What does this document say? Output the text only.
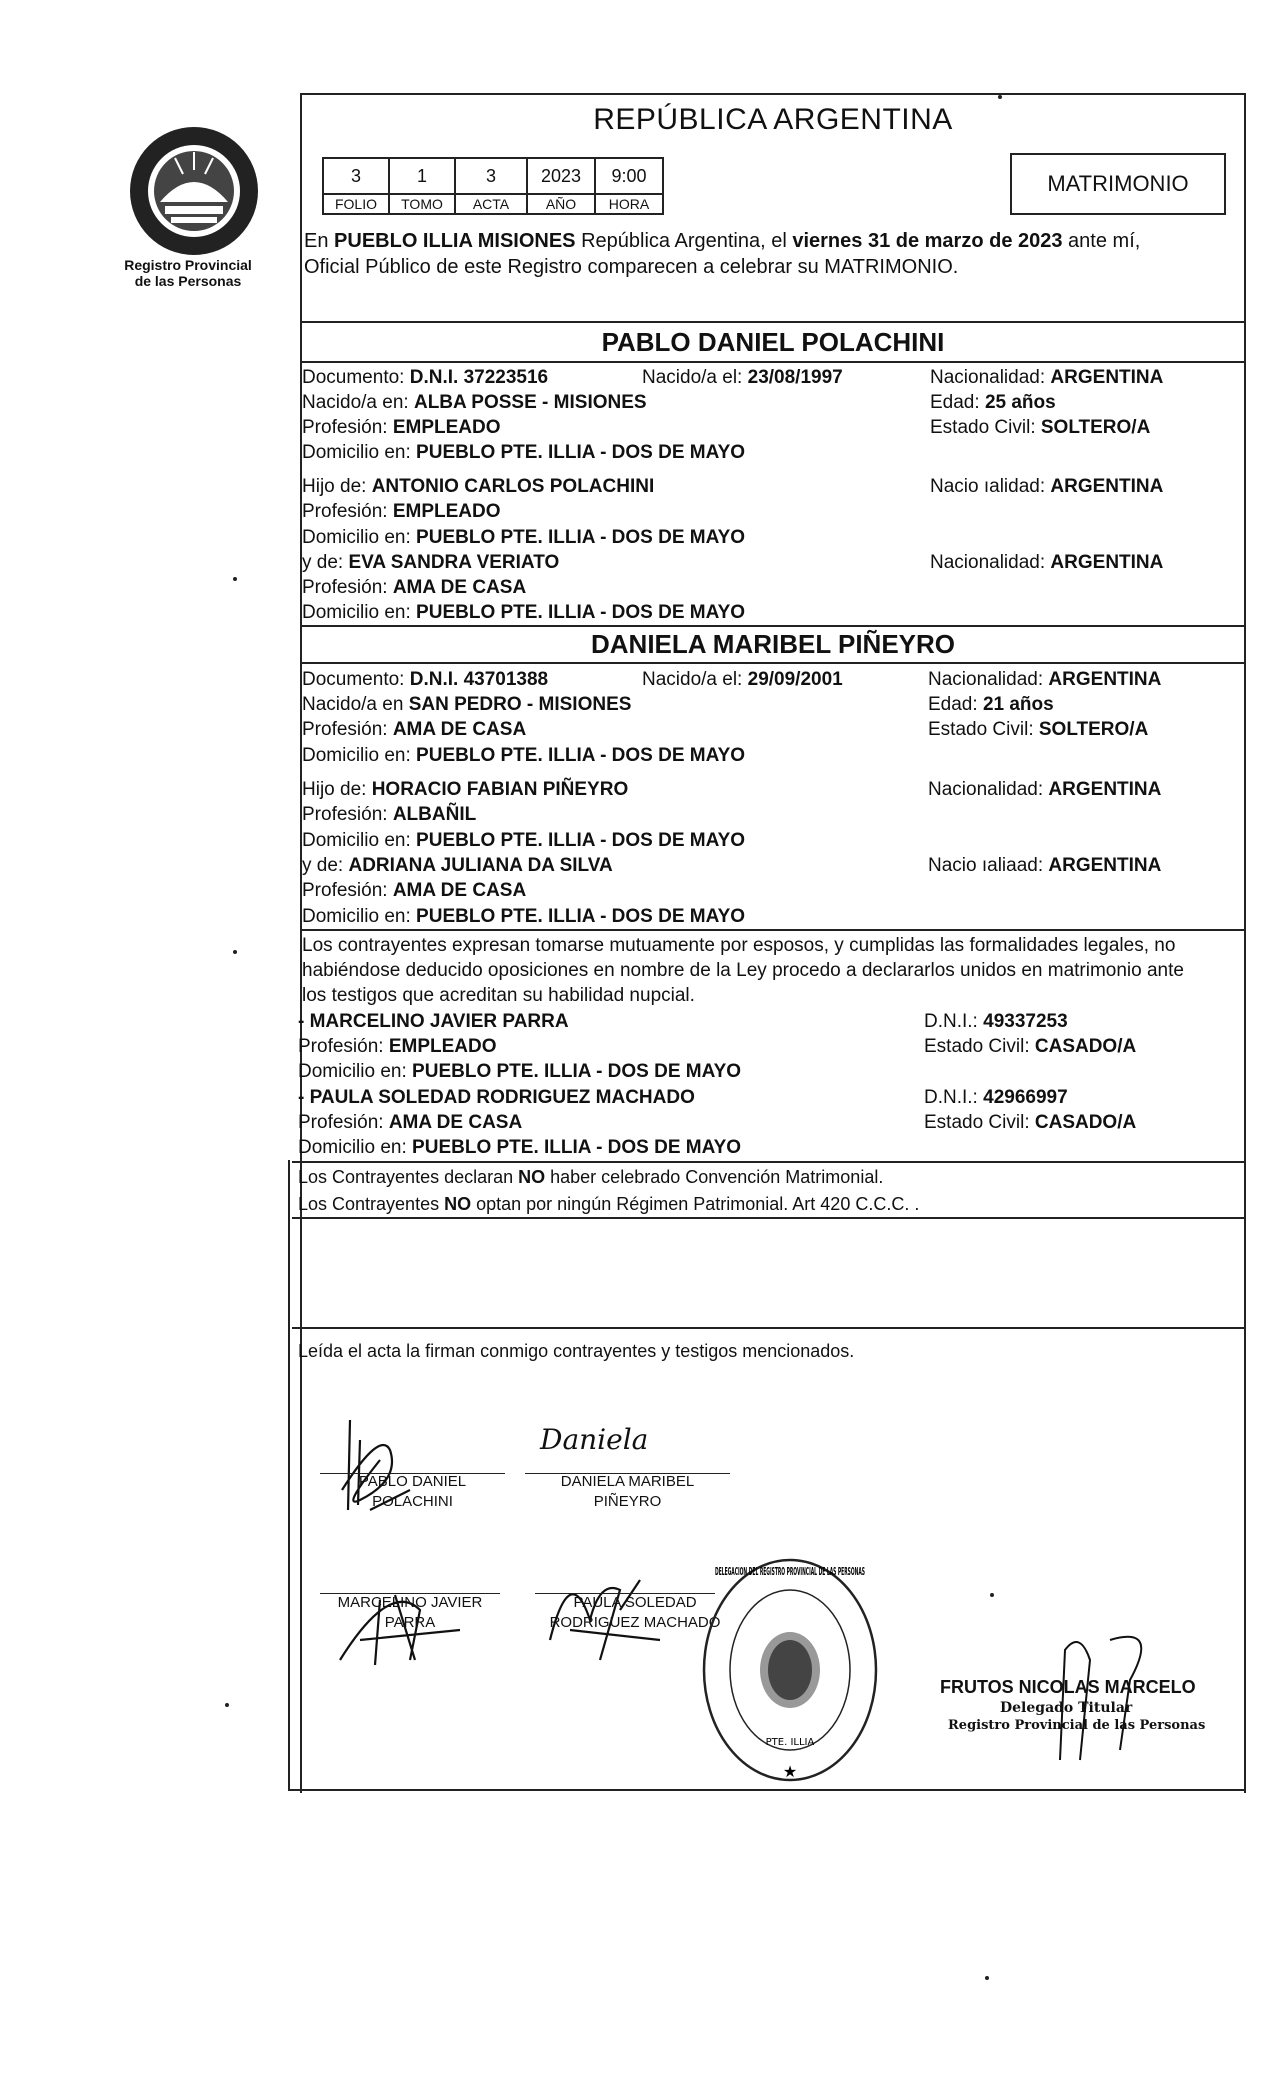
Registro Provincial
de las Personas
REPÚBLICA ARGENTINA
3	1	3	2023	9:00
FOLIO	TOMO	ACTA	AÑO	HORA
MATRIMONIO
En PUEBLO ILLIA MISIONES República Argentina, el viernes 31 de marzo de 2023 ante mí,
Oficial Público de este Registro comparecen a celebrar su MATRIMONIO.
PABLO DANIEL POLACHINI
Documento: D.N.I. 37223516	Nacido/a el: 23/08/1997	Nacionalidad: ARGENTINA
Nacido/a en: ALBA POSSE - MISIONES	Edad: 25 años
Profesión: EMPLEADO	Estado Civil: SOLTERO/A
Domicilio en: PUEBLO PTE. ILLIA - DOS DE MAYO
Hijo de: ANTONIO CARLOS POLACHINI	Nacio ıalidad: ARGENTINA
Profesión: EMPLEADO
Domicilio en: PUEBLO PTE. ILLIA - DOS DE MAYO
y de: EVA SANDRA VERIATO	Nacionalidad: ARGENTINA
Profesión: AMA DE CASA
Domicilio en: PUEBLO PTE. ILLIA - DOS DE MAYO
DANIELA MARIBEL PIÑEYRO
Documento: D.N.I. 43701388	Nacido/a el: 29/09/2001	Nacionalidad: ARGENTINA
Nacido/a en SAN PEDRO - MISIONES	Edad: 21 años
Profesión: AMA DE CASA	Estado Civil: SOLTERO/A
Domicilio en: PUEBLO PTE. ILLIA - DOS DE MAYO
Hijo de: HORACIO FABIAN PIÑEYRO	Nacionalidad: ARGENTINA
Profesión: ALBAÑIL
Domicilio en: PUEBLO PTE. ILLIA - DOS DE MAYO
y de: ADRIANA JULIANA DA SILVA	Nacio ıaliaad: ARGENTINA
Profesión: AMA DE CASA
Domicilio en: PUEBLO PTE. ILLIA - DOS DE MAYO
Los contrayentes expresan tomarse mutuamente por esposos, y cumplidas las formalidades legales, no
habiéndose deducido oposiciones en nombre de la Ley procedo a declararlos unidos en matrimonio ante
los testigos que acreditan su habilidad nupcial.
- MARCELINO JAVIER PARRA	D.N.I.: 49337253
Profesión: EMPLEADO	Estado Civil: CASADO/A
Domicilio en: PUEBLO PTE. ILLIA - DOS DE MAYO
- PAULA SOLEDAD RODRIGUEZ MACHADO	D.N.I.: 42966997
Profesión: AMA DE CASA	Estado Civil: CASADO/A
Domicilio en: PUEBLO PTE. ILLIA - DOS DE MAYO
Los Contrayentes declaran NO haber celebrado Convención Matrimonial.
Los Contrayentes NO optan por ningún Régimen Patrimonial. Art 420 C.C.C. .
Leída el acta la firman conmigo contrayentes y testigos mencionados.
Daniela
PABLO DANIEL
POLACHINI
DANIELA MARIBEL
PIÑEYRO
MARCELINO JAVIER
PARRA
PAULA SOLEDAD
RODRIGUEZ MACHADO
★
DELEGACION DEL REGISTRO PROVINCIAL DE LAS PERSONAS
PTE. ILLIA
FRUTOS NICOLAS MARCELO
Delegado Titular
Registro Provincial de las Personas
